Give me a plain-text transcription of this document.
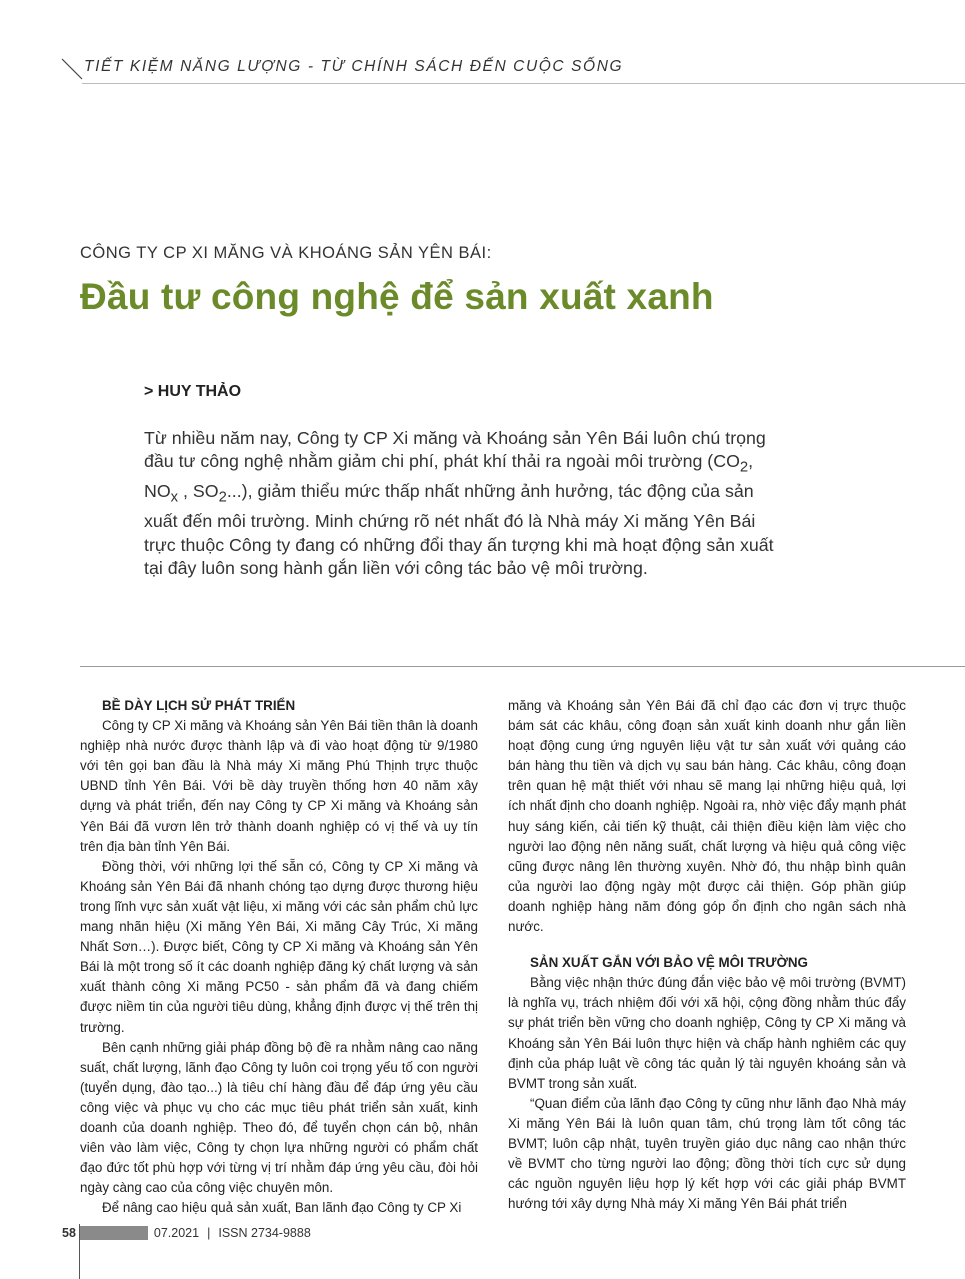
TIẾT KIỆM NĂNG LƯỢNG - TỪ CHÍNH SÁCH ĐẾN CUỘC SỐNG
CÔNG TY CP XI MĂNG VÀ KHOÁNG SẢN YÊN BÁI:
Đầu tư công nghệ để sản xuất xanh
> HUY THẢO

Từ nhiều năm nay, Công ty CP Xi măng và Khoáng sản Yên Bái luôn chú trọng đầu tư công nghệ nhằm giảm chi phí, phát khí thải ra ngoài môi trường ($CO_2$, $NO_x$ , $SO_2$...), giảm thiểu mức thấp nhất những ảnh hưởng, tác động của sản xuất đến môi trường. Minh chứng rõ nét nhất đó là Nhà máy Xi măng Yên Bái trực thuộc Công ty đang có những đổi thay ấn tượng khi mà hoạt động sản xuất tại đây luôn song hành gắn liền với công tác bảo vệ môi trường.

BỀ DÀY LỊCH SỬ PHÁT TRIỂN

Công ty CP Xi măng và Khoáng sản Yên Bái tiền thân là doanh nghiệp nhà nước được thành lập và đi vào hoạt động từ 9/1980 với tên gọi ban đầu là Nhà máy Xi măng Phú Thịnh trực thuộc UBND tỉnh Yên Bái. Với bề dày truyền thống hơn 40 năm xây dựng và phát triển, đến nay Công ty CP Xi măng và Khoáng sản Yên Bái đã vươn lên trở thành doanh nghiệp có vị thế và uy tín trên địa bàn tỉnh Yên Bái.

Đồng thời, với những lợi thế sẵn có, Công ty CP Xi măng và Khoáng sản Yên Bái đã nhanh chóng tạo dựng được thương hiệu trong lĩnh vực sản xuất vật liệu, xi măng với các sản phẩm chủ lực mang nhãn hiệu (Xi măng Yên Bái, Xi măng Cây Trúc, Xi măng Nhất Sơn…). Được biết, Công ty CP Xi măng và Khoáng sản Yên Bái là một trong số ít các doanh nghiệp đăng ký chất lượng và sản xuất thành công Xi măng PC50 - sản phẩm đã và đang chiếm được niềm tin của người tiêu dùng, khẳng định được vị thế trên thị trường.

Bên cạnh những giải pháp đồng bộ đề ra nhằm nâng cao năng suất, chất lượng, lãnh đạo Công ty luôn coi trọng yếu tố con người (tuyển dụng, đào tạo...) là tiêu chí hàng đầu để đáp ứng yêu cầu công việc và phục vụ cho các mục tiêu phát triển sản xuất, kinh doanh của doanh nghiệp. Theo đó, để tuyển chọn cán bộ, nhân viên vào làm việc, Công ty chọn lựa những người có phẩm chất đạo đức tốt phù hợp với từng vị trí nhằm đáp ứng yêu cầu, đòi hỏi ngày càng cao của công việc chuyên môn.

Để nâng cao hiệu quả sản xuất, Ban lãnh đạo Công ty CP Xi

măng và Khoáng sản Yên Bái đã chỉ đạo các đơn vị trực thuộc bám sát các khâu, công đoạn sản xuất kinh doanh như gắn liền hoạt động cung ứng nguyên liệu vật tư sản xuất với quảng cáo bán hàng thu tiền và dịch vụ sau bán hàng. Các khâu, công đoạn trên quan hệ mật thiết với nhau sẽ mang lại những hiệu quả, lợi ích nhất định cho doanh nghiệp. Ngoài ra, nhờ việc đẩy mạnh phát huy sáng kiến, cải tiến kỹ thuật, cải thiện điều kiện làm việc cho người lao động nên năng suất, chất lượng và hiệu quả công việc cũng được nâng lên thường xuyên. Nhờ đó, thu nhập bình quân của người lao động ngày một được cải thiện. Góp phần giúp doanh nghiệp hàng năm đóng góp ổn định cho ngân sách nhà nước.

SẢN XUẤT GẮN VỚI BẢO VỆ MÔI TRƯỜNG

Bằng việc nhận thức đúng đắn việc bảo vệ môi trường (BVMT) là nghĩa vụ, trách nhiệm đối với xã hội, cộng đồng nhằm thúc đẩy sự phát triển bền vững cho doanh nghiệp, Công ty CP Xi măng và Khoáng sản Yên Bái luôn thực hiện và chấp hành nghiêm các quy định của pháp luật về công tác quản lý tài nguyên khoáng sản và BVMT trong sản xuất.

“Quan điểm của lãnh đạo Công ty cũng như lãnh đạo Nhà máy Xi măng Yên Bái là luôn quan tâm, chú trọng làm tốt công tác BVMT; luôn cập nhật, tuyên truyền giáo dục nâng cao nhận thức về BVMT cho từng người lao động; đồng thời tích cực sử dụng các nguồn nguyên liệu hợp lý kết hợp với các giải pháp BVMT hướng tới xây dựng Nhà máy Xi măng Yên Bái phát triển

58	07.2021 | ISSN 2734-9888
